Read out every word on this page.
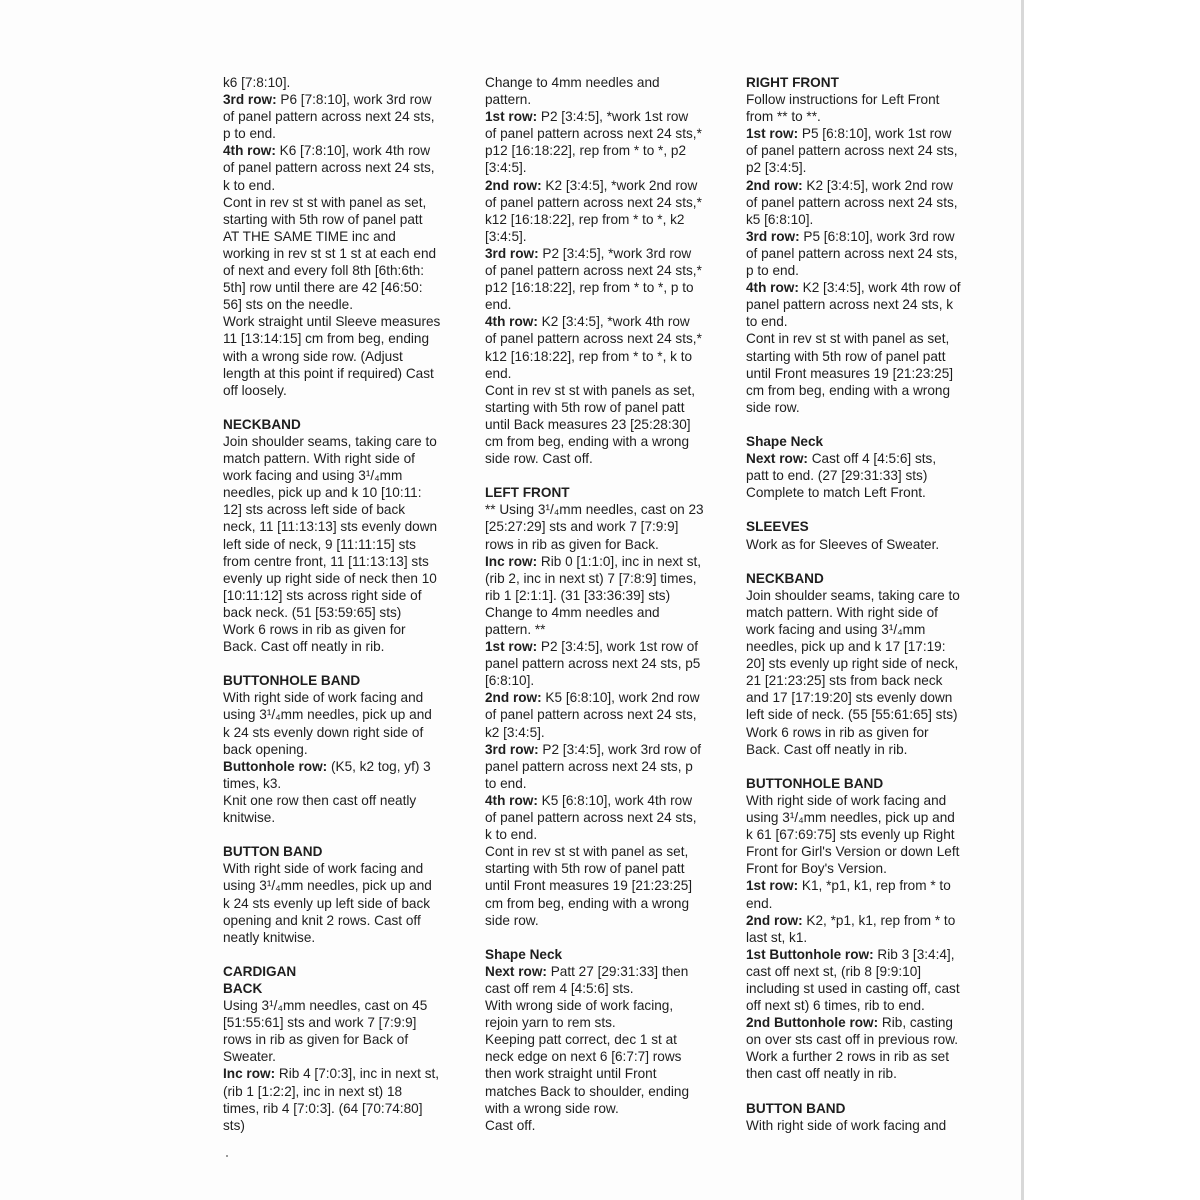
k6 [7:8:10].
3rd row: P6 [7:8:10], work 3rd row
of panel pattern across next 24 sts,
p to end.
4th row: K6 [7:8:10], work 4th row
of panel pattern across next 24 sts,
k to end.
Cont in rev st st with panel as set,
starting with 5th row of panel patt
AT THE SAME TIME inc and
working in rev st st 1 st at each end
of next and every foll 8th [6th:6th:
5th] row until there are 42 [46:50:
56] sts on the needle.
Work straight until Sleeve measures
11 [13:14:15] cm from beg, ending
with a wrong side row. (Adjust
length at this point if required) Cast
off loosely.
NECKBAND
Join shoulder seams, taking care to
match pattern. With right side of
work facing and using 3¹/₄mm
needles, pick up and k 10 [10:11:
12] sts across left side of back
neck, 11 [11:13:13] sts evenly down
left side of neck, 9 [11:11:15] sts
from centre front, 11 [11:13:13] sts
evenly up right side of neck then 10
[10:11:12] sts across right side of
back neck. (51 [53:59:65] sts)
Work 6 rows in rib as given for
Back. Cast off neatly in rib.
BUTTONHOLE BAND
With right side of work facing and
using 3¹/₄mm needles, pick up and
k 24 sts evenly down right side of
back opening.
Buttonhole row: (K5, k2 tog, yf) 3
times, k3.
Knit one row then cast off neatly
knitwise.
BUTTON BAND
With right side of work facing and
using 3¹/₄mm needles, pick up and
k 24 sts evenly up left side of back
opening and knit 2 rows. Cast off
neatly knitwise.
CARDIGAN
BACK
Using 3¹/₄mm needles, cast on 45
[51:55:61] sts and work 7 [7:9:9]
rows in rib as given for Back of
Sweater.
Inc row: Rib 4 [7:0:3], inc in next st,
(rib 1 [1:2:2], inc in next st) 18
times, rib 4 [7:0:3]. (64 [70:74:80]
sts)
Change to 4mm needles and
pattern.
1st row: P2 [3:4:5], *work 1st row
of panel pattern across next 24 sts,*
p12 [16:18:22], rep from * to *, p2
[3:4:5].
2nd row: K2 [3:4:5], *work 2nd row
of panel pattern across next 24 sts,*
k12 [16:18:22], rep from * to *, k2
[3:4:5].
3rd row: P2 [3:4:5], *work 3rd row
of panel pattern across next 24 sts,*
p12 [16:18:22], rep from * to *, p to
end.
4th row: K2 [3:4:5], *work 4th row
of panel pattern across next 24 sts,*
k12 [16:18:22], rep from * to *, k to
end.
Cont in rev st st with panels as set,
starting with 5th row of panel patt
until Back measures 23 [25:28:30]
cm from beg, ending with a wrong
side row. Cast off.
LEFT FRONT
** Using 3¹/₄mm needles, cast on 23
[25:27:29] sts and work 7 [7:9:9]
rows in rib as given for Back.
Inc row: Rib 0 [1:1:0], inc in next st,
(rib 2, inc in next st) 7 [7:8:9] times,
rib 1 [2:1:1]. (31 [33:36:39] sts)
Change to 4mm needles and
pattern. **
1st row: P2 [3:4:5], work 1st row of
panel pattern across next 24 sts, p5
[6:8:10].
2nd row: K5 [6:8:10], work 2nd row
of panel pattern across next 24 sts,
k2 [3:4:5].
3rd row: P2 [3:4:5], work 3rd row of
panel pattern across next 24 sts, p
to end.
4th row: K5 [6:8:10], work 4th row
of panel pattern across next 24 sts,
k to end.
Cont in rev st st with panel as set,
starting with 5th row of panel patt
until Front measures 19 [21:23:25]
cm from beg, ending with a wrong
side row.
Shape Neck
Next row: Patt 27 [29:31:33] then
cast off rem 4 [4:5:6] sts.
With wrong side of work facing,
rejoin yarn to rem sts.
Keeping patt correct, dec 1 st at
neck edge on next 6 [6:7:7] rows
then work straight until Front
matches Back to shoulder, ending
with a wrong side row.
Cast off.
RIGHT FRONT
Follow instructions for Left Front
from ** to **.
1st row: P5 [6:8:10], work 1st row
of panel pattern across next 24 sts,
p2 [3:4:5].
2nd row: K2 [3:4:5], work 2nd row
of panel pattern across next 24 sts,
k5 [6:8:10].
3rd row: P5 [6:8:10], work 3rd row
of panel pattern across next 24 sts,
p to end.
4th row: K2 [3:4:5], work 4th row of
panel pattern across next 24 sts, k
to end.
Cont in rev st st with panel as set,
starting with 5th row of panel patt
until Front measures 19 [21:23:25]
cm from beg, ending with a wrong
side row.
Shape Neck
Next row: Cast off 4 [4:5:6] sts,
patt to end. (27 [29:31:33] sts)
Complete to match Left Front.
SLEEVES
Work as for Sleeves of Sweater.
NECKBAND
Join shoulder seams, taking care to
match pattern. With right side of
work facing and using 3¹/₄mm
needles, pick up and k 17 [17:19:
20] sts evenly up right side of neck,
21 [21:23:25] sts from back neck
and 17 [17:19:20] sts evenly down
left side of neck. (55 [55:61:65] sts)
Work 6 rows in rib as given for
Back. Cast off neatly in rib.
BUTTONHOLE BAND
With right side of work facing and
using 3¹/₄mm needles, pick up and
k 61 [67:69:75] sts evenly up Right
Front for Girl's Version or down Left
Front for Boy's Version.
1st row: K1, *p1, k1, rep from * to
end.
2nd row: K2, *p1, k1, rep from * to
last st, k1.
1st Buttonhole row: Rib 3 [3:4:4],
cast off next st, (rib 8 [9:9:10]
including st used in casting off, cast
off next st) 6 times, rib to end.
2nd Buttonhole row: Rib, casting
on over sts cast off in previous row.
Work a further 2 rows in rib as set
then cast off neatly in rib.
BUTTON BAND
With right side of work facing and
